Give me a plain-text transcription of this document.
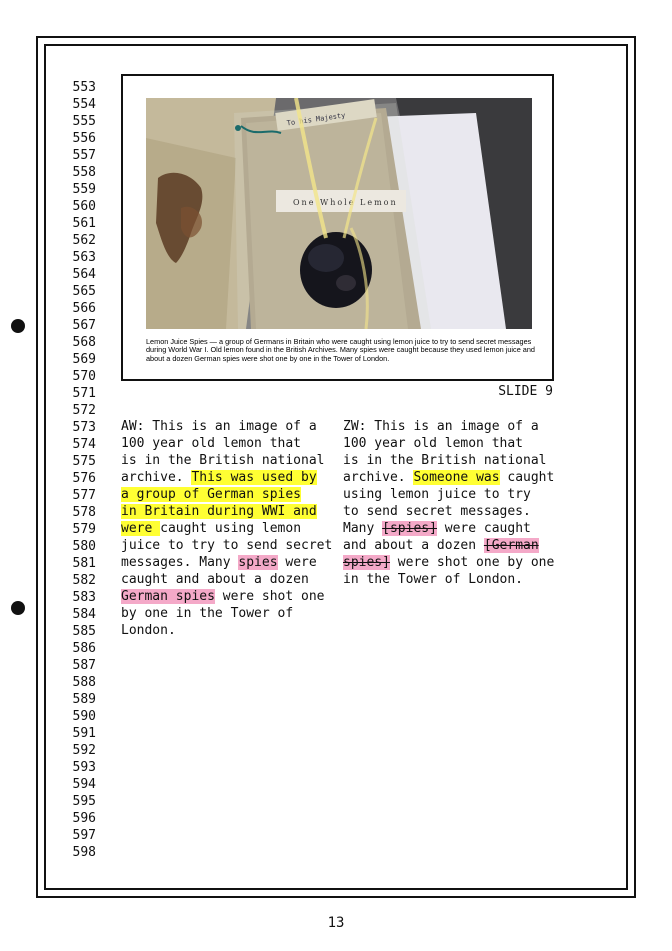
553
554
555
556
557
558
559
560
561
562
563
564
565
566
567
568
569
570
571
572
573
574
575
576
577
578
579
580
581
582
583
584
585
586
587
588
589
590
591
592
593
594
595
596
597
598
To his Majesty
One Whole Lemon
Lemon Juice Spies — a group of Germans in Britain who were caught using lemon juice to try to send secret messages during World War I. Old lemon found in the British Archives. Many spies were caught because they used lemon juice and about a dozen German spies were shot one by one in the Tower of London.
SLIDE 9
AW: This is an image of a
100 year old lemon that
is in the British national
archive. This was used by
a group of German spies
in Britain during WWI and
were caught using lemon
juice to try to send secret
messages. Many spies were
caught and about a dozen
German spies were shot one
by one in the Tower of
London.
ZW: This is an image of a
100 year old lemon that
is in the British national
archive. Someone was caught
using lemon juice to try
to send secret messages.
Many [spies] were caught
and about a dozen [German
spies] were shot one by one
in the Tower of London.
13
